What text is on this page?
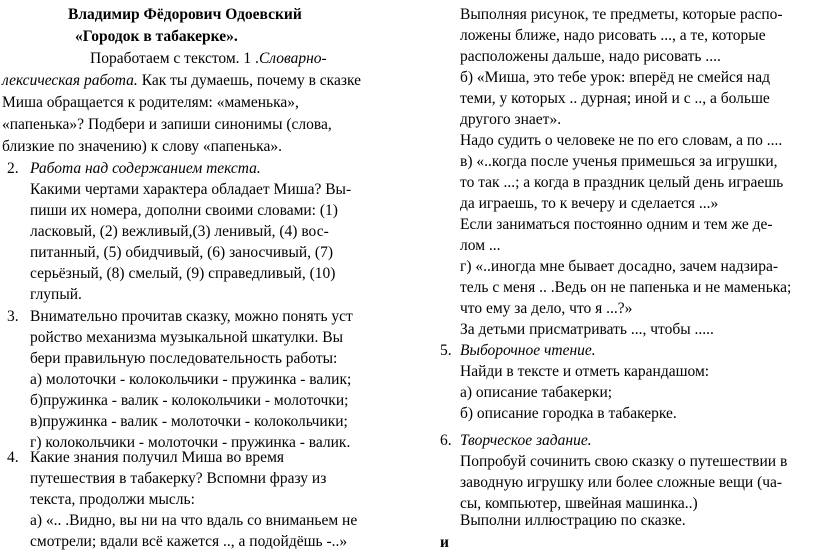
Владимир Фёдорович Одоевский
«Городок в табакерке».
Поработаем с текстом. 1 .Словарно-
лексическая работа. Как ты думаешь, почему в сказке
Миша обращается к родителям: «маменька»,
«папенька»? Подбери и запиши синонимы (слова,
близкие по значению) к слову «папенька».
2. Работа над содержанием текста.
Какими чертами характера обладает Миша? Вы-
пиши их номера, дополни своими словами: (1)
ласковый, (2) вежливый,(3) ленивый, (4) вос-
питанный, (5) обидчивый, (6) заносчивый, (7)
серьёзный, (8) смелый, (9) справедливый, (10)
глупый.
3. Внимательно прочитав сказку, можно понять уст
ройство механизма музыкальной шкатулки. Вы
бери правильную последовательность работы:
а) молоточки - колокольчики - пружинка - валик;
б)пружинка - валик - колокольчики - молоточки;
в)пружинка - валик - молоточки - колокольчики;
г) колокольчики - молоточки - пружинка - валик.
4. Какие знания получил Миша во время
путешествия в табакерку? Вспомни фразу из
текста, продолжи мысль:
Выполняя рисунок, те предметы, которые распо-
ложены ближе, надо рисовать ..., а те, которые
расположены дальше, надо рисовать ....
б) «Миша, это тебе урок: вперёд не смейся над
теми, у которых .. дурная; иной и с .., а больше
другого знает».
Надо судить о человеке не по его словам, а по ....
в) «..когда после ученья примешься за игрушки,
то так ...; а когда в праздник целый день играешь
да играешь, то к вечеру и сделается ...»
Если заниматься постоянно одним и тем же де-
лом ...
г) «..иногда мне бывает досадно, зачем надзира-
тель с меня .. .Ведь он не папенька и не маменька;
что ему за дело, что я ...?»
За детьми присматривать ..., чтобы .....
5. Выборочное чтение.
Найди в тексте и отметь карандашом:
а) описание табакерки;
б) описание городка в табакерке.
6. Творческое задание.
Попробуй сочинить свою сказку о путешествии в
заводную игрушку или более сложные вещи (ча-
сы, компьютер, швейная машинка..)
а) «.. .Видно, вы ни на что вдаль со вниманьем не
смотрели; вдали всё кажется .., а подойдёшь -..»
Выполни иллюстрацию по сказке.
и
